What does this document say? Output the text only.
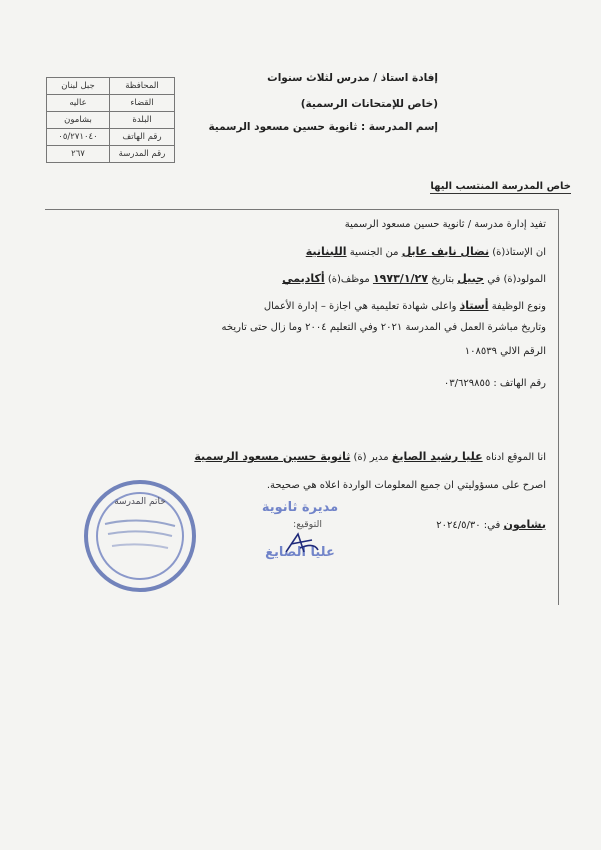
جبل لبنان	المحافظة
عاليه	القضاء
بشامون	البلدة
٠٥/٢٧١٠٤٠	رقم الهاتف
٢٦٧	رقم المدرسة
إفادة استاذ / مدرس لثلاث سنوات
(خاص للإمتحانات الرسمية)
إسم المدرسة : ثانوية حسين مسعود الرسمية
خاص المدرسة المنتسب اليها
تفيد إدارة مدرسة / ثانوية حسين مسعود الرسمية
ان الإستاذ(ة) نضال نايف عابل من الجنسية اللبنانية
المولود(ة) في جبيل بتاريخ ١٩٧٣/١/٢٧ موظف(ة) أكاديمي
ونوع الوظيفة أستاذ واعلى شهادة تعليمية هي اجازة – إدارة الأعمال
وتاريخ مباشرة العمل في المدرسة ٢٠٢١ وفي التعليم ٢٠٠٤ وما زال حتى تاريخه
الرقم الالي ١٠٨٥٣٩
رقم الهاتف : ٠٣/٦٢٩٨٥٥
انا الموقع ادناه عليا رشيد الصايغ مدير (ة) ثانوية حسين مسعود الرسمية
اصرح على مسؤوليتي ان جميع المعلومات الواردة اعلاه هي صحيحة.
بشامون في: ٢٠٢٤/٥/٣٠
خاتم المدرسة	مديرة ثانوية
عليا الصايغ
التوقيع:
